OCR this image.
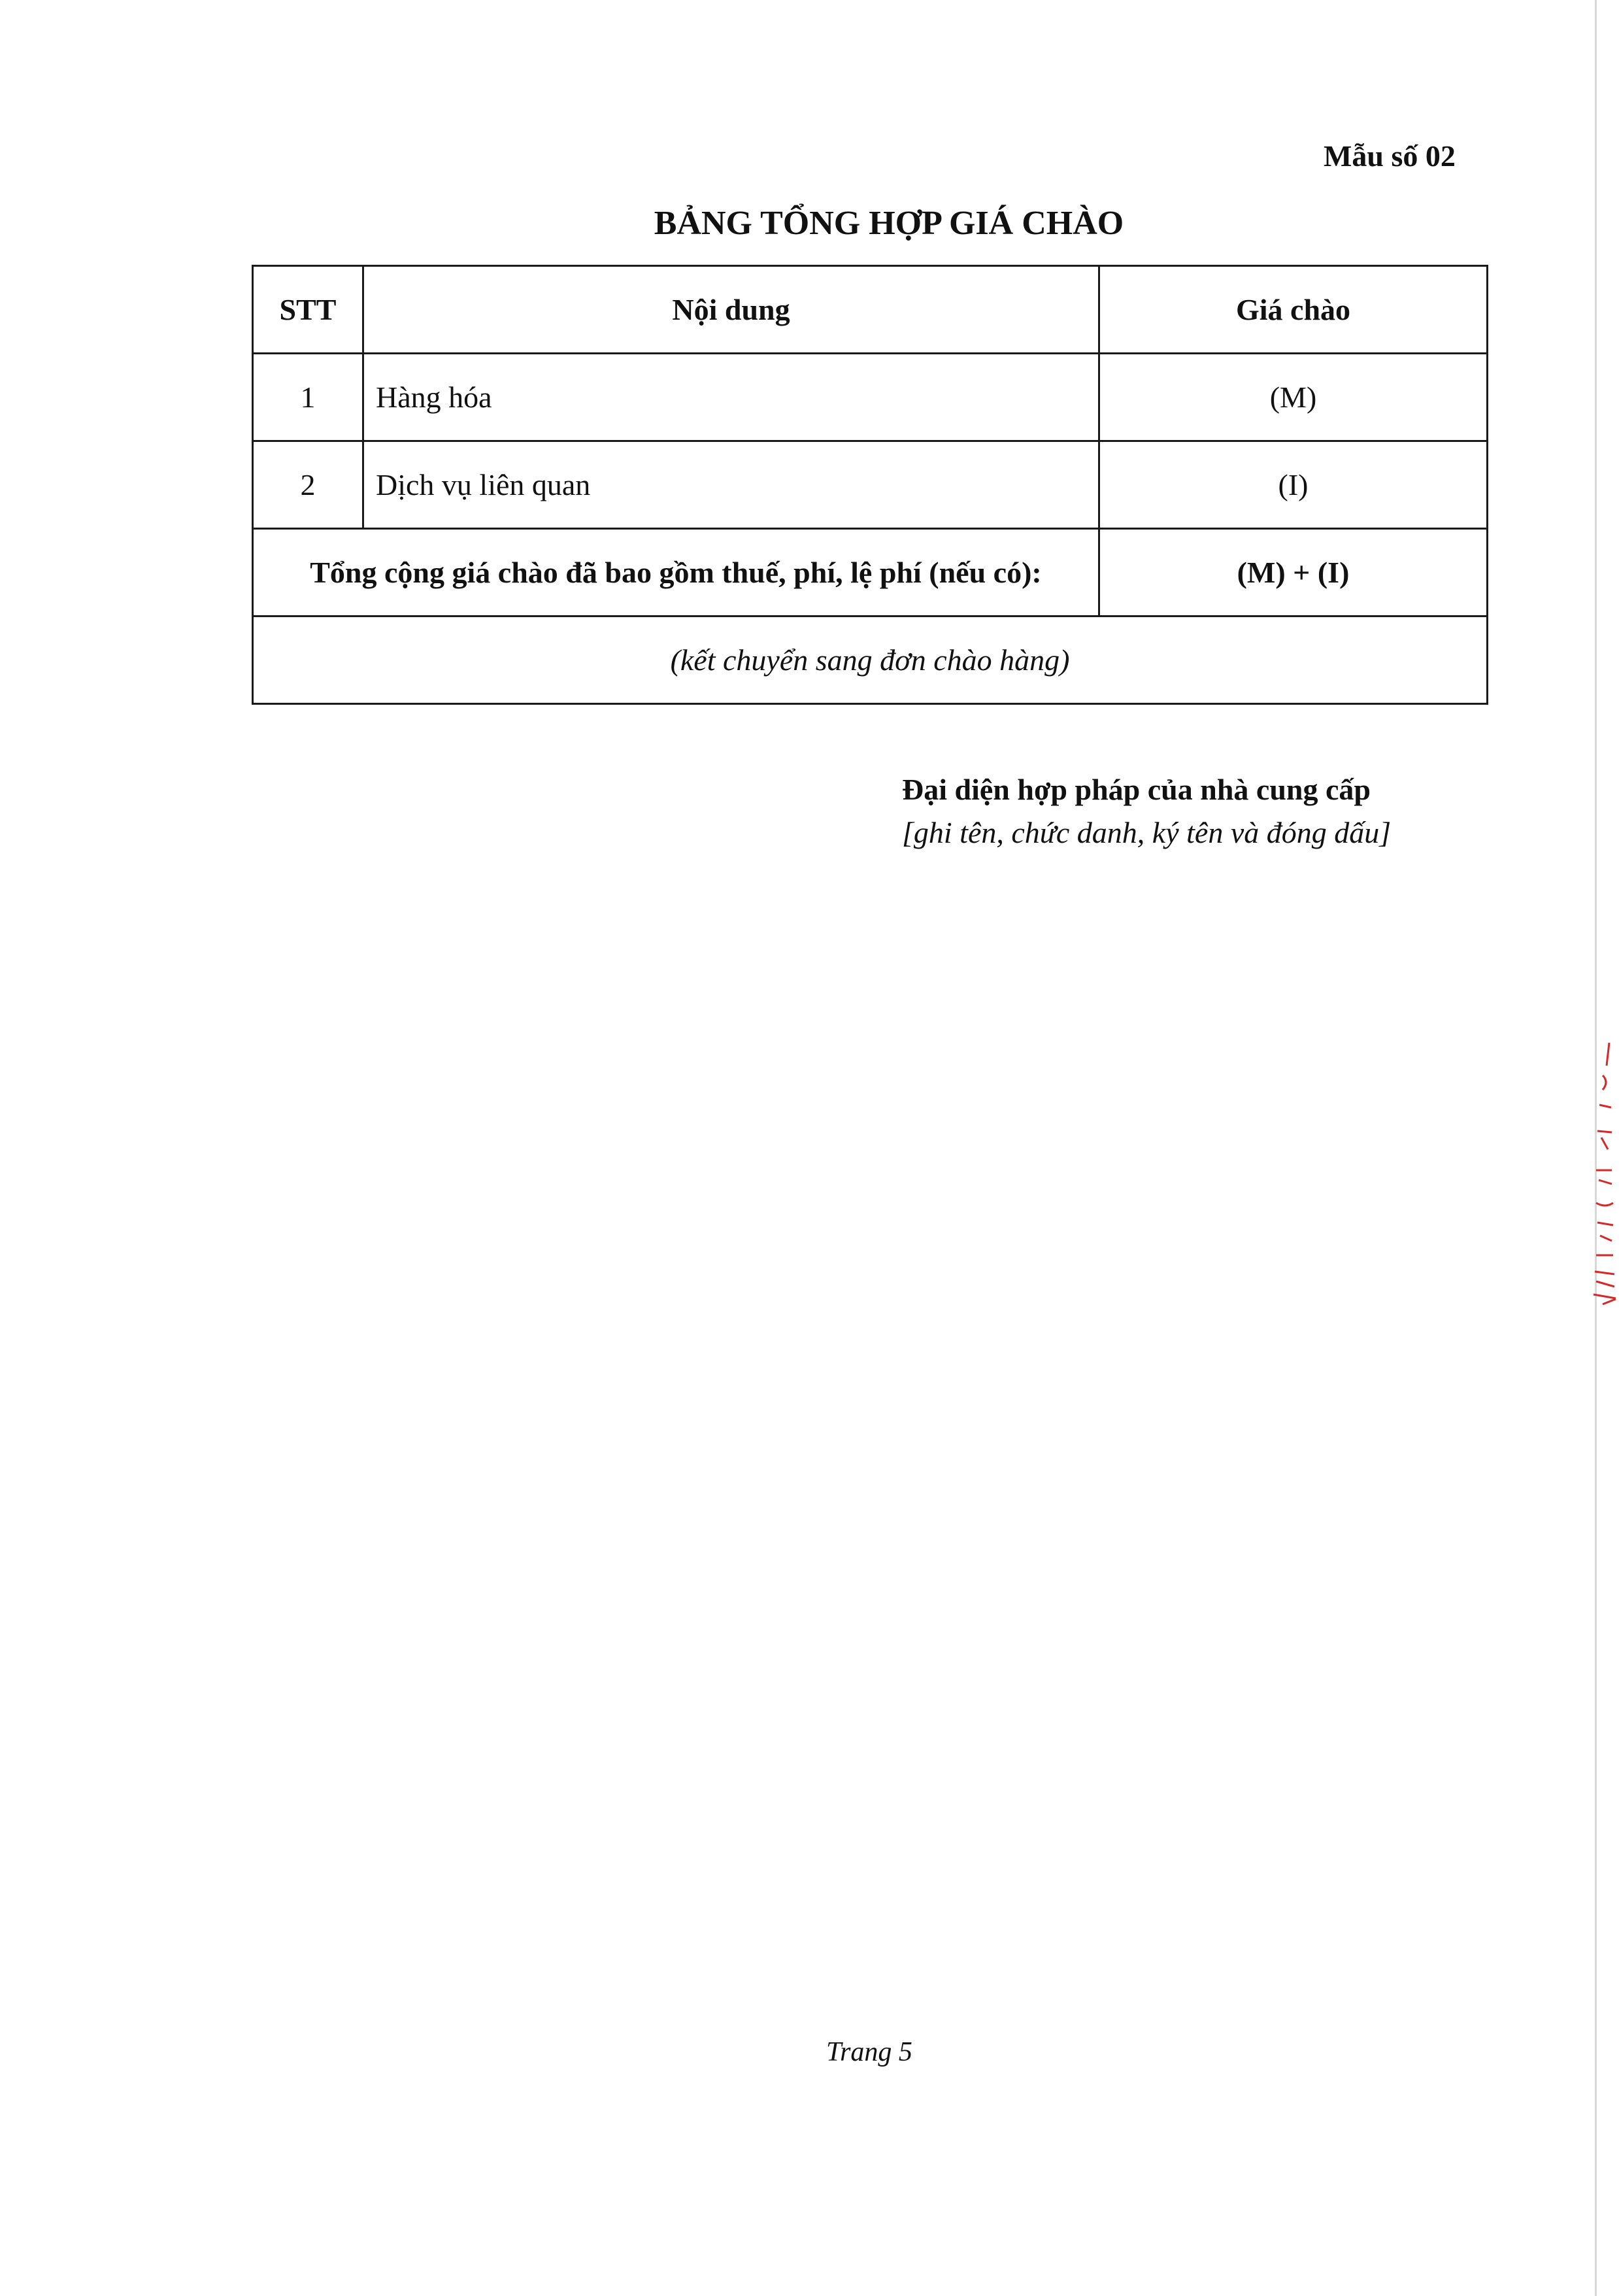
Mẫu số 02
BẢNG TỔNG HỢP GIÁ CHÀO
STT	Nội dung	Giá chào
1	Hàng hóa	(M)
2	Dịch vụ liên quan	(I)
Tổng cộng giá chào đã bao gồm thuế, phí, lệ phí (nếu có):		(M) + (I)
(kết chuyển sang đơn chào hàng)		
Đại diện hợp pháp của nhà cung cấp
[ghi tên, chức danh, ký tên và đóng dấu]
Trang 5
